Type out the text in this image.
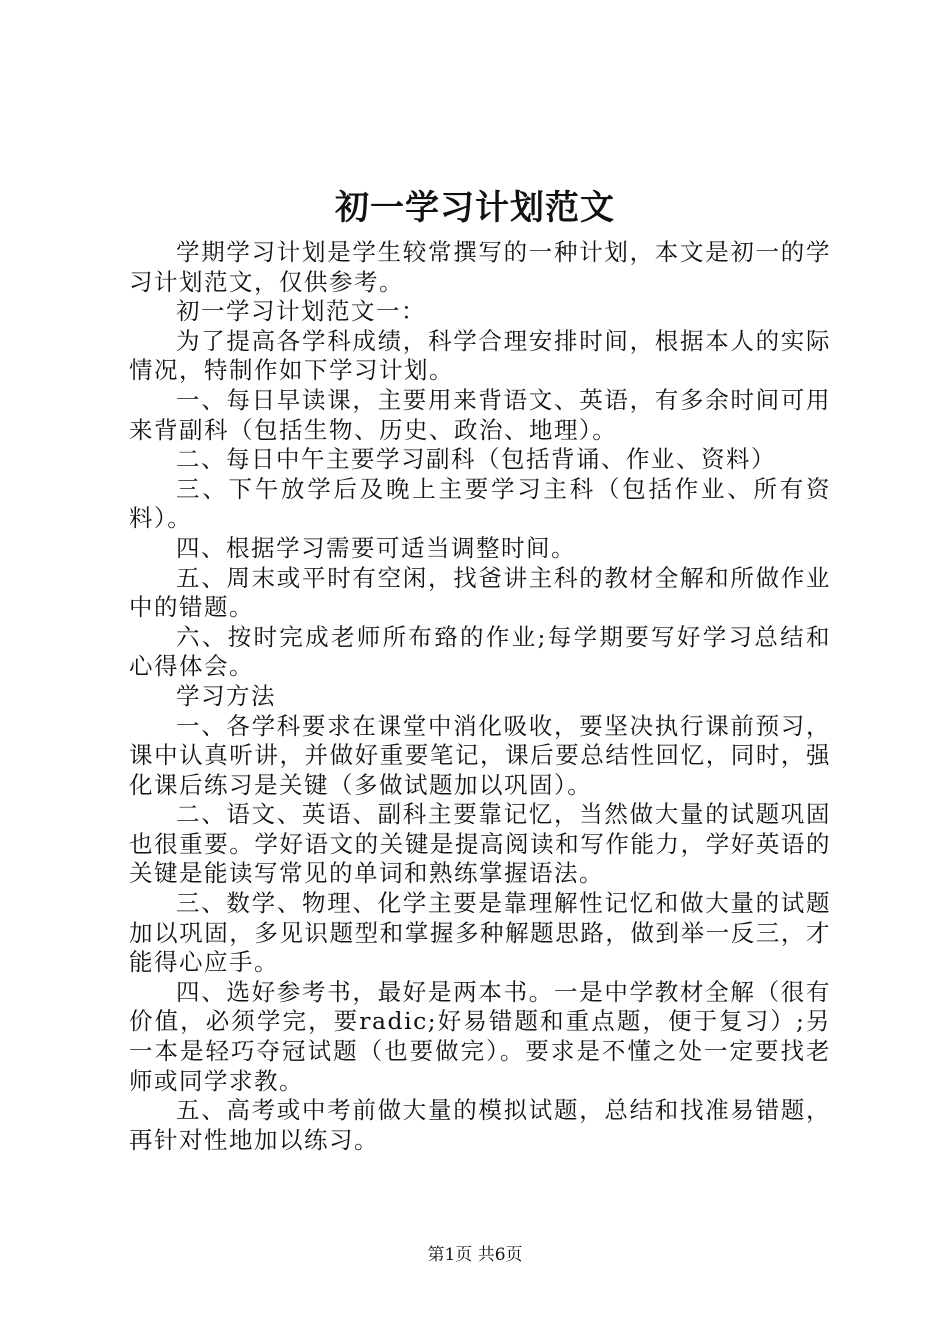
初一学习计划范文

学期学习计划是学生较常撰写的一种计划，本文是初一的学习计划范文，仅供参考。

初一学习计划范文一：

为了提高各学科成绩，科学合理安排时间，根据本人的实际情况，特制作如下学习计划。

一、每日早读课，主要用来背语文、英语，有多余时间可用来背副科（包括生物、历史、政治、地理）。

二、每日中午主要学习副科（包括背诵、作业、资料）

三、下午放学后及晚上主要学习主科（包括作业、所有资料）。

四、根据学习需要可适当调整时间。

五、周末或平时有空闲，找爸讲主科的教材全解和所做作业中的错题。

六、按时完成老师所布臵的作业;每学期要写好学习总结和心得体会。

学习方法

一、各学科要求在课堂中消化吸收，要坚决执行课前预习，课中认真听讲，并做好重要笔记，课后要总结性回忆，同时，强化课后练习是关键（多做试题加以巩固）。

二、语文、英语、副科主要靠记忆，当然做大量的试题巩固也很重要。学好语文的关键是提高阅读和写作能力，学好英语的关键是能读写常见的单词和熟练掌握语法。

三、数学、物理、化学主要是靠理解性记忆和做大量的试题加以巩固，多见识题型和掌握多种解题思路，做到举一反三，才能得心应手。

四、选好参考书，最好是两本书。一是中学教材全解（很有价值，必须学完，要radic;好易错题和重点题，便于复习）;另一本是轻巧夺冠试题（也要做完）。要求是不懂之处一定要找老师或同学求教。

五、高考或中考前做大量的模拟试题，总结和找准易错题，再针对性地加以练习。

第1页 共6页
